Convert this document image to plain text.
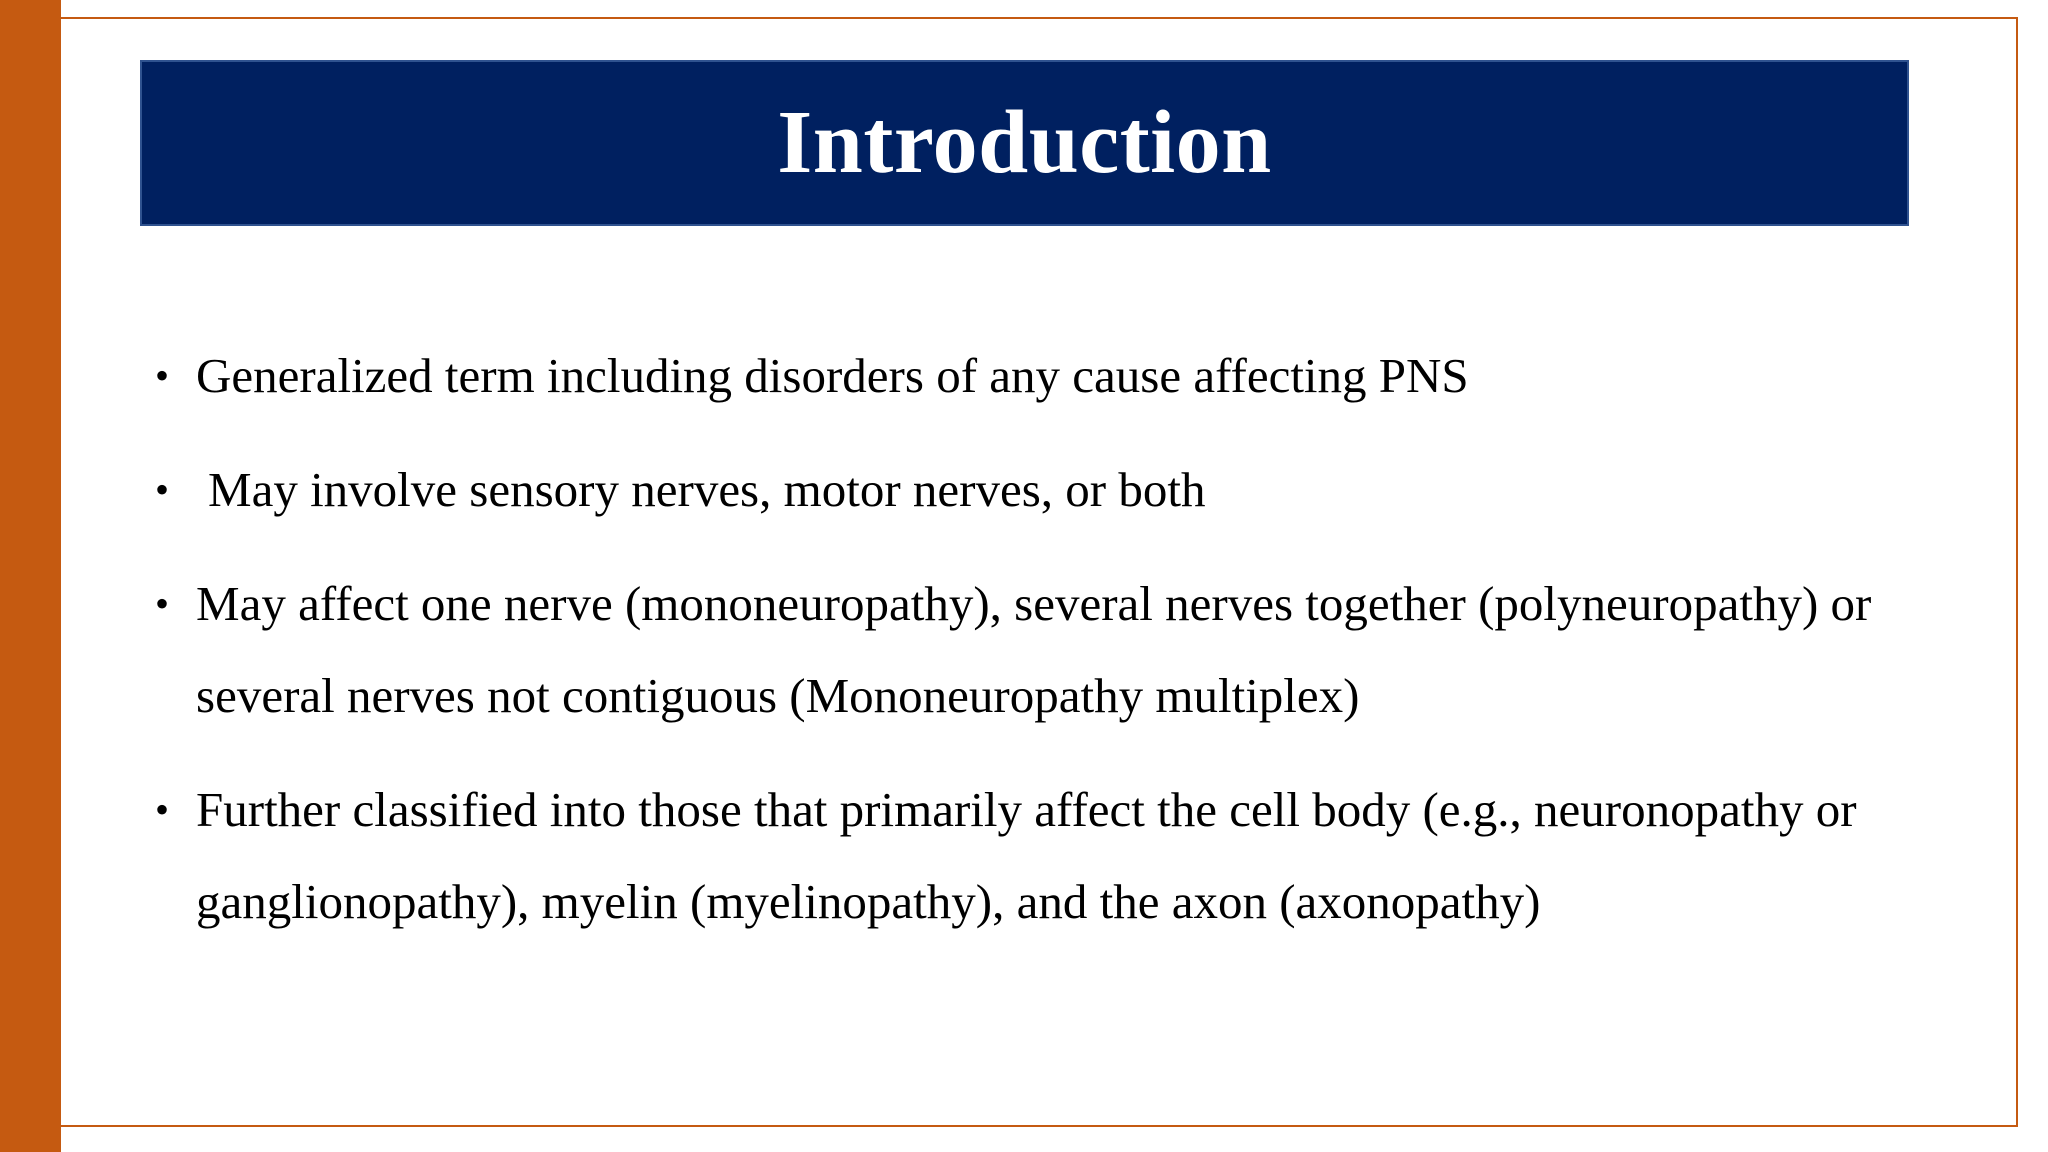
Introduction
• Generalized term including disorders of any cause affecting PNS
• May involve sensory nerves, motor nerves, or both
• May affect one nerve (mononeuropathy), several nerves together (polyneuropathy) or several nerves not contiguous (Mononeuropathy multiplex)
• Further classified into those that primarily affect the cell body (e.g., neuronopathy or ganglionopathy), myelin (myelinopathy), and the axon (axonopathy)
